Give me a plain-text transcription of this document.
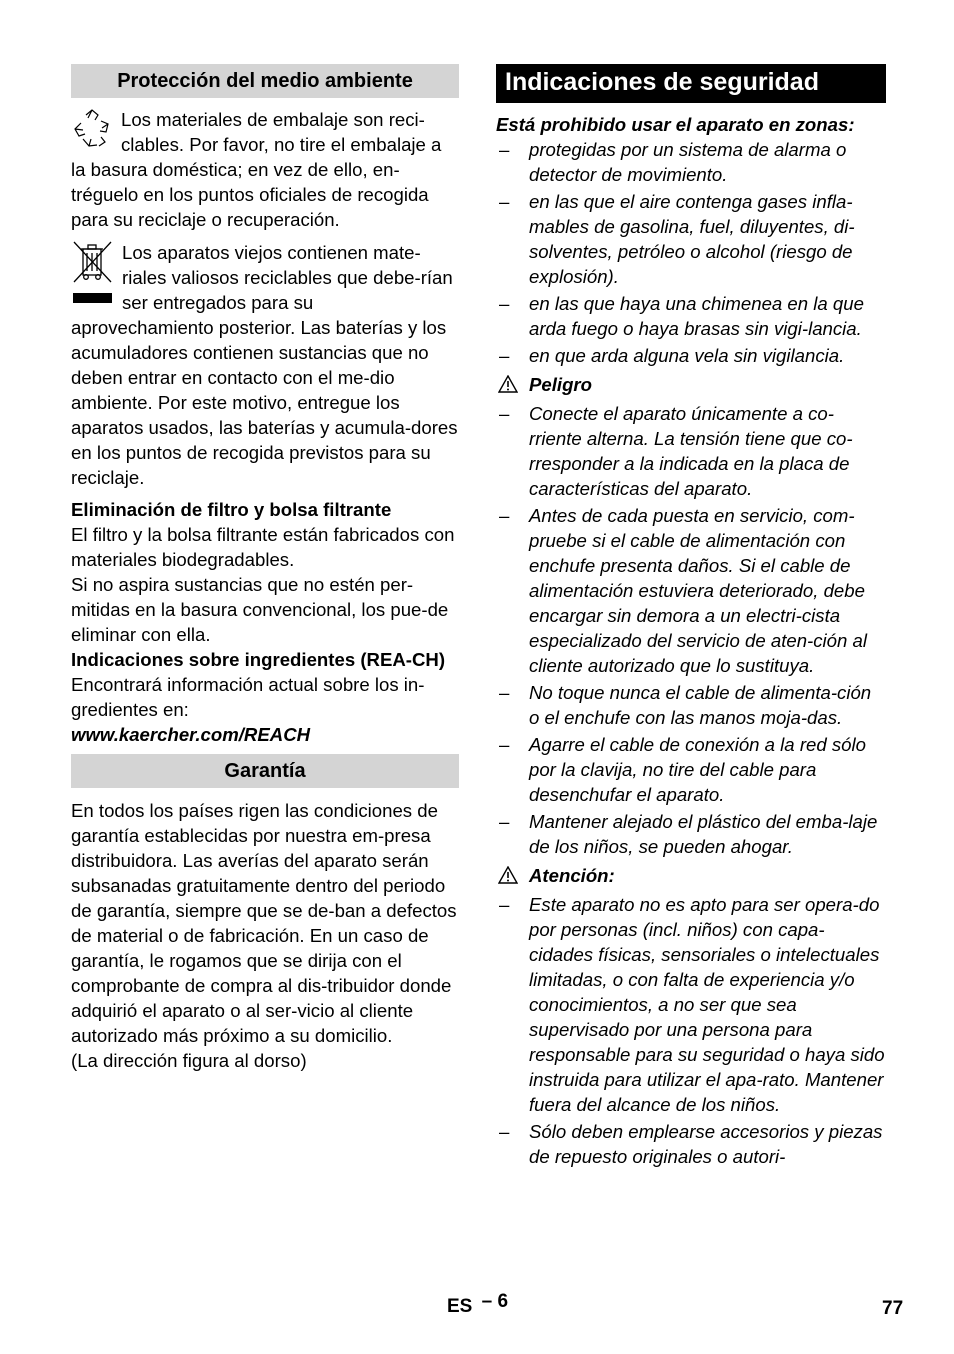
Protección del medio ambiente

Los materiales de embalaje son reci-clables. Por favor, no tire el embalaje a la basura doméstica; en vez de ello, en-tréguelo en los puntos oficiales de recogida para su reciclaje o recuperación.

Los aparatos viejos contienen mate-riales valiosos reciclables que debe-rían ser entregados para su aprovechamiento posterior. Las baterías y los acumuladores contienen sustancias que no deben entrar en contacto con el me-dio ambiente. Por este motivo, entregue los aparatos usados, las baterías y acumula-dores en los puntos de recogida previstos para su reciclaje.

Eliminación de filtro y bolsa filtrante

El filtro y la bolsa filtrante están fabricados con materiales biodegradables.

Si no aspira sustancias que no estén per-mitidas en la basura convencional, los pue-de eliminar con ella.

Indicaciones sobre ingredientes (REA-CH)

Encontrará información actual sobre los in-gredientes en:

www.kaercher.com/REACH

Garantía

En todos los países rigen las condiciones de garantía establecidas por nuestra em-presa distribuidora. Las averías del aparato serán subsanadas gratuitamente dentro del periodo de garantía, siempre que se de-ban a defectos de material o de fabricación. En un caso de garantía, le rogamos que se dirija con el comprobante de compra al dis-tribuidor donde adquirió el aparato o al ser-vicio al cliente autorizado más próximo a su domicilio.

(La dirección figura al dorso)

Indicaciones de seguridad

Está prohibido usar el aparato en zonas:

– protegidas por un sistema de alarma o detector de movimiento.
– en las que el aire contenga gases infla-mables de gasolina, fuel, diluyentes, di-solventes, petróleo o alcohol (riesgo de explosión).
– en las que haya una chimenea en la que arda fuego o haya brasas sin vigi-lancia.
– en que arda alguna vela sin vigilancia.
Peligro
– Conecte el aparato únicamente a co-rriente alterna. La tensión tiene que co-rresponder a la indicada en la placa de características del aparato.
– Antes de cada puesta en servicio, com-pruebe si el cable de alimentación con enchufe presenta daños. Si el cable de alimentación estuviera deteriorado, debe encargar sin demora a un electri-cista especializado del servicio de aten-ción al cliente autorizado que lo sustituya.
– No toque nunca el cable de alimenta-ción o el enchufe con las manos moja-das.
– Agarre el cable de conexión a la red sólo por la clavija, no tire del cable para desenchufar el aparato.
– Mantener alejado el plástico del emba-laje de los niños, se pueden ahogar.
Atención:
– Este aparato no es apto para ser opera-do por personas (incl. niños) con capa-cidades físicas, sensoriales o intelectuales limitadas, o con falta de experiencia y/o conocimientos, a no ser que sea supervisado por una persona para responsable para su seguridad o haya sido instruida para utilizar el apa-rato. Mantener fuera del alcance de los niños.
– Sólo deben emplearse accesorios y piezas de repuesto originales o autori-
ES – 6	77
